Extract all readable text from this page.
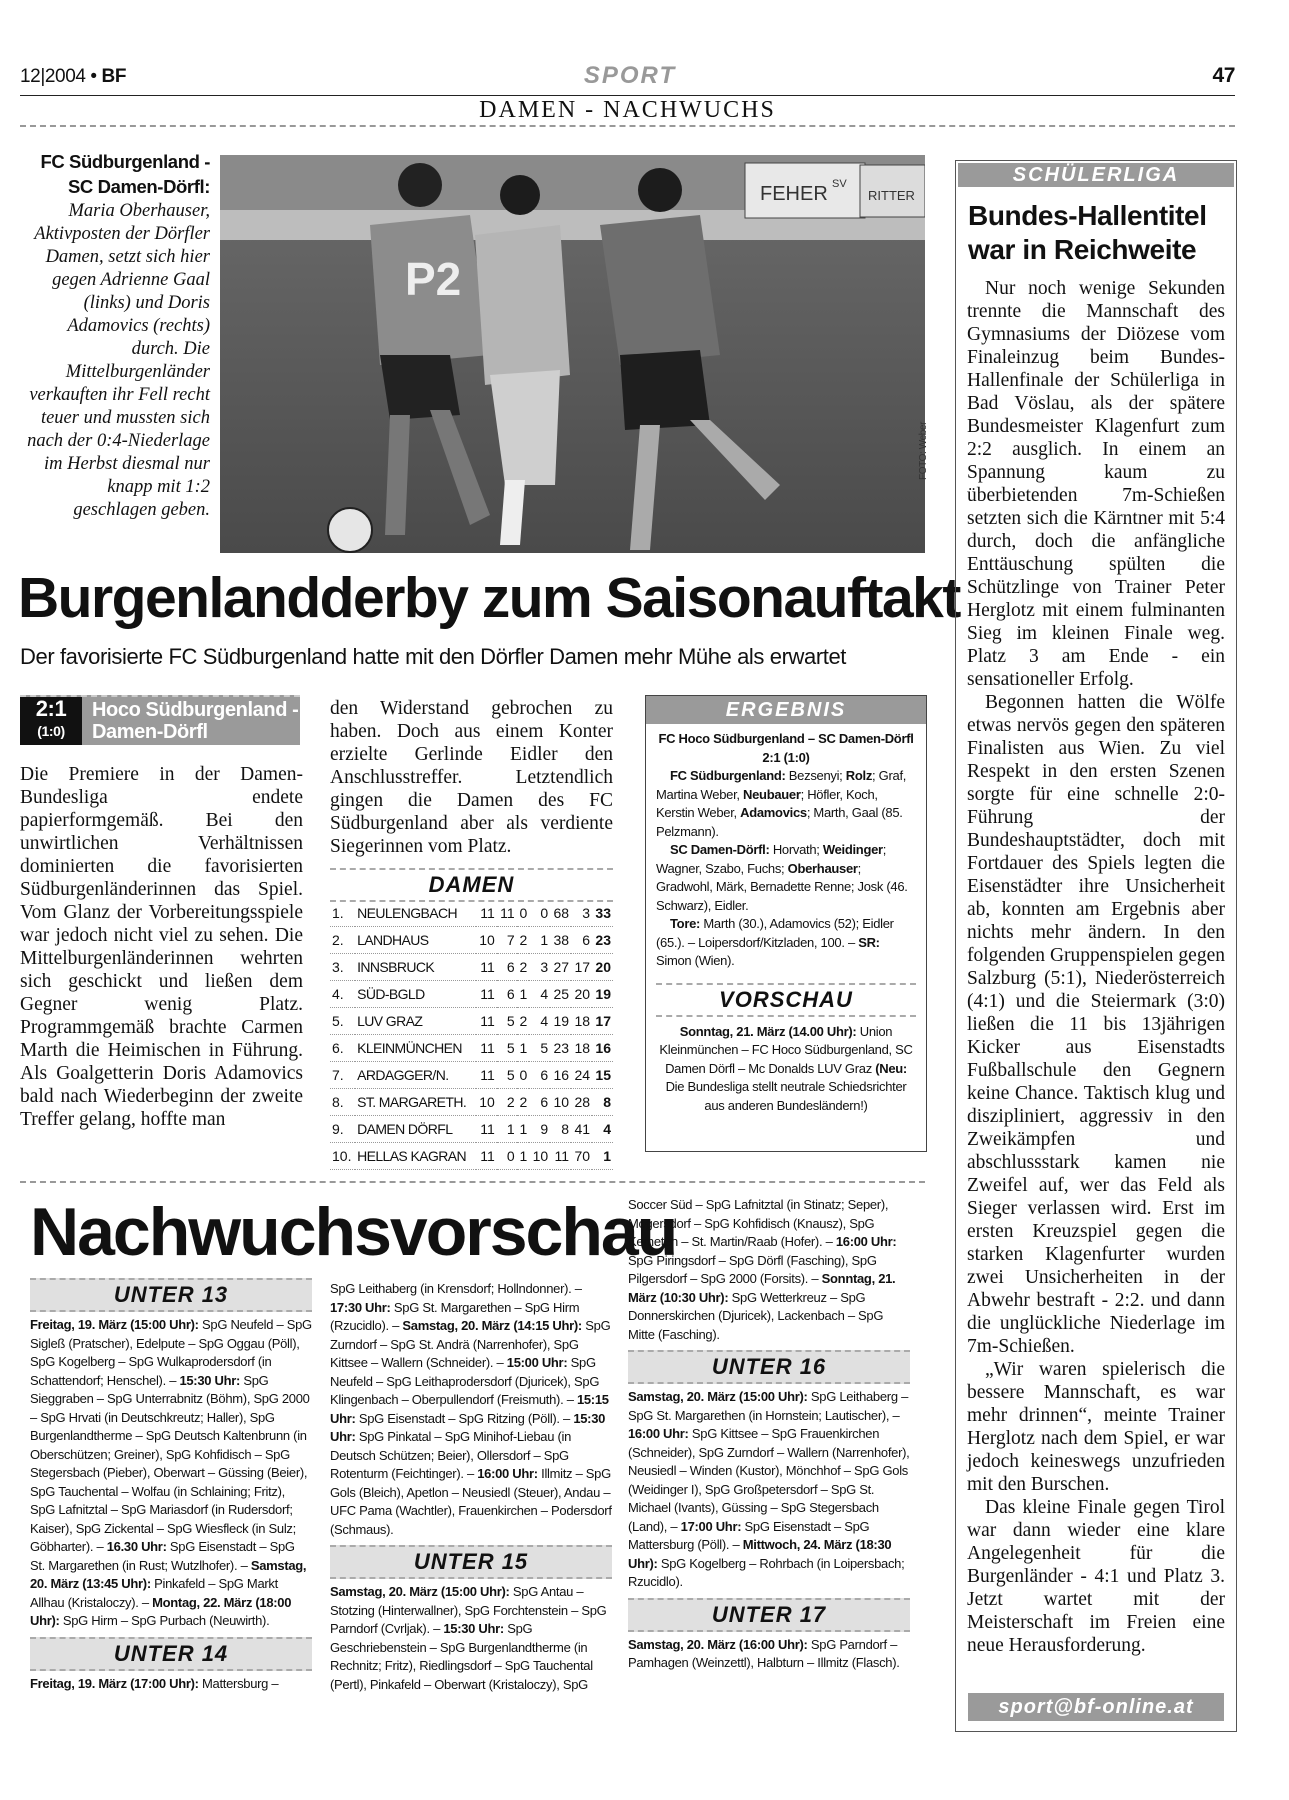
12|2004 • BF	SPORT	47
DAMEN - NACHWUCHS
FC Südburgenland - SC Damen-Dörfl: Maria Oberhauser, Aktivposten der Dörfler Damen, setzt sich hier gegen Adrienne Gaal (links) und Doris Adamovics (rechts) durch. Die Mittelburgenländer verkauften ihr Fell recht teuer und mussten sich nach der 0:4-Niederlage im Herbst diesmal nur knapp mit 1:2 geschlagen geben.
FEHER SV
RITTER
P2
FOTO: Weber
Burgenlandderby zum Saisonauftakt
Der favorisierte FC Südburgenland hatte mit den Dörfler Damen mehr Mühe als erwartet
2:1
(1:0)
Hoco Südburgenland -
Damen-Dörfl
Die Premiere in der Damen-Bundesliga endete papierformgemäß. Bei den unwirtlichen Verhältnissen dominierten die favorisierten Südburgenländerinnen das Spiel. Vom Glanz der Vorbereitungsspiele war jedoch nicht viel zu sehen. Die Mittelburgenländerinnen wehrten sich geschickt und ließen dem Gegner wenig Platz. Programmgemäß brachte Carmen Marth die Heimischen in Führung. Als Goalgetterin Doris Adamovics bald nach Wiederbeginn der zweite Treffer gelang, hoffte man
den Widerstand gebrochen zu haben. Doch aus einem Konter erzielte Gerlinde Eidler den Anschlusstreffer. Letztendlich gingen die Damen des FC Südburgenland aber als verdiente Siegerinnen vom Platz.
DAMEN
1.	NEULENGBACH	11	11	0	0	68	3	33
2.	LANDHAUS	10	7	2	1	38	6	23
3.	INNSBRUCK	11	6	2	3	27	17	20
4.	SÜD-BGLD	11	6	1	4	25	20	19
5.	LUV GRAZ	11	5	2	4	19	18	17
6.	KLEINMÜNCHEN	11	5	1	5	23	18	16
7.	ARDAGGER/N.	11	5	0	6	16	24	15
8.	ST. MARGARETH.	10	2	2	6	10	28	8
9.	DAMEN DÖRFL	11	1	1	9	8	41	4
10.	HELLAS KAGRAN	11	0	1	10	11	70	1
ERGEBNIS
FC Hoco Südburgenland – SC Damen-Dörfl 2:1 (1:0)
FC Südburgenland: Bezsenyi; Rolz; Graf, Martina Weber, Neubauer; Höfler, Koch, Kerstin Weber, Adamovics; Marth, Gaal (85. Pelzmann).
SC Damen-Dörfl: Horvath; Weidinger; Wagner, Szabo, Fuchs; Oberhauser; Gradwohl, Märk, Bernadette Renne; Josk (46. Schwarz), Eidler.
Tore: Marth (30.), Adamovics (52); Eidler (65.). – Loipersdorf/Kitzladen, 100. – SR: Simon (Wien).
VORSCHAU
Sonntag, 21. März (14.00 Uhr): Union Kleinmünchen – FC Hoco Südburgenland, SC Damen Dörfl – Mc Donalds LUV Graz (Neu: Die Bundesliga stellt neutrale Schiedsrichter aus anderen Bundesländern!)
SCHÜLERLIGA
Bundes-Hallentitel war in Reichweite
Nur noch wenige Sekunden trennte die Mannschaft des Gymnasiums der Diözese vom Finaleinzug beim Bundes-Hallenfinale der Schülerliga in Bad Vöslau, als der spätere Bundesmeister Klagenfurt zum 2:2 ausglich. In einem an Spannung kaum zu überbietenden 7m-Schießen setzten sich die Kärntner mit 5:4 durch, doch die anfängliche Enttäuschung spülten die Schützlinge von Trainer Peter Herglotz mit einem fulminanten Sieg im kleinen Finale weg. Platz 3 am Ende - ein sensationeller Erfolg.
Begonnen hatten die Wölfe etwas nervös gegen den späteren Finalisten aus Wien. Zu viel Respekt in den ersten Szenen sorgte für eine schnelle 2:0-Führung der Bundeshauptstädter, doch mit Fortdauer des Spiels legten die Eisenstädter ihre Unsicherheit ab, konnten am Ergebnis aber nichts mehr ändern. In den folgenden Gruppenspielen gegen Salzburg (5:1), Niederösterreich (4:1) und die Steiermark (3:0) ließen die 11 bis 13jährigen Kicker aus Eisenstadts Fußballschule den Gegnern keine Chance. Taktisch klug und diszipliniert, aggressiv in den Zweikämpfen und abschlussstark kamen nie Zweifel auf, wer das Feld als Sieger verlassen wird. Erst im ersten Kreuzspiel gegen die starken Klagenfurter wurden zwei Unsicherheiten in der Abwehr bestraft - 2:2. und dann die unglückliche Niederlage im 7m-Schießen.
„Wir waren spielerisch die bessere Mannschaft, es war mehr drinnen“, meinte Trainer Herglotz nach dem Spiel, er war jedoch keineswegs unzufrieden mit den Burschen.
Das kleine Finale gegen Tirol war dann wieder eine klare Angelegenheit für die Burgenländer - 4:1 und Platz 3. Jetzt wartet mit der Meisterschaft im Freien eine neue Herausforderung.
sport@bf-online.at
Nachwuchsvorschau
UNTER 13
Freitag, 19. März (15:00 Uhr): SpG Neufeld – SpG Sigleß (Pratscher), Edelpute – SpG Oggau (Pöll), SpG Kogelberg – SpG Wulkaprodersdorf (in Schattendorf; Henschel). – 15:30 Uhr: SpG Sieggraben – SpG Unterrabnitz (Böhm), SpG 2000 – SpG Hrvati (in Deutschkreutz; Haller), SpG Burgenlandtherme – SpG Deutsch Kaltenbrunn (in Oberschützen; Greiner), SpG Kohfidisch – SpG Stegersbach (Pieber), Oberwart – Güssing (Beier), SpG Tauchental – Wolfau (in Schlaining; Fritz), SpG Lafnitztal – SpG Mariasdorf (in Rudersdorf; Kaiser), SpG Zickental – SpG Wiesfleck (in Sulz; Göbharter). – 16.30 Uhr: SpG Eisenstadt – SpG St. Margarethen (in Rust; Wutzlhofer). – Samstag, 20. März (13:45 Uhr): Pinkafeld – SpG Markt Allhau (Kristaloczy). – Montag, 22. März (18:00 Uhr): SpG Hirm – SpG Purbach (Neuwirth).
UNTER 14
Freitag, 19. März (17:00 Uhr): Mattersburg –
SpG Leithaberg (in Krensdorf; Hollndonner). – 17:30 Uhr: SpG St. Margarethen – SpG Hirm (Rzucidlo). – Samstag, 20. März (14:15 Uhr): SpG Zurndorf – SpG St. Andrä (Narrenhofer), SpG Kittsee – Wallern (Schneider). – 15:00 Uhr: SpG Neufeld – SpG Leithaprodersdorf (Djuricek), SpG Klingenbach – Oberpullendorf (Freismuth). – 15:15 Uhr: SpG Eisenstadt – SpG Ritzing (Pöll). – 15:30 Uhr: SpG Pinkatal – SpG Minihof-Liebau (in Deutsch Schützen; Beier), Ollersdorf – SpG Rotenturm (Feichtinger). – 16:00 Uhr: Illmitz – SpG Gols (Bleich), Apetlon – Neusiedl (Steuer), Andau – UFC Pama (Wachtler), Frauenkirchen – Podersdorf (Schmaus).
UNTER 15
Samstag, 20. März (15:00 Uhr): SpG Antau – Stotzing (Hinterwallner), SpG Forchtenstein – SpG Parndorf (Cvrljak). – 15:30 Uhr: SpG Geschriebenstein – SpG Burgenlandtherme (in Rechnitz; Fritz), Riedlingsdorf – SpG Tauchental (Pertl), Pinkafeld – Oberwart (Kristaloczy), SpG
Soccer Süd – SpG Lafnitztal (in Stinatz; Seper), Mogersdorf – SpG Kohfidisch (Knausz), SpG Kemeten – St. Martin/Raab (Hofer). – 16:00 Uhr: SpG Piringsdorf – SpG Dörfl (Fasching), SpG Pilgersdorf – SpG 2000 (Forsits). – Sonntag, 21. März (10:30 Uhr): SpG Wetterkreuz – SpG Donnerskirchen (Djuricek), Lackenbach – SpG Mitte (Fasching).
UNTER 16
Samstag, 20. März (15:00 Uhr): SpG Leithaberg – SpG St. Margarethen (in Hornstein; Lautischer), – 16:00 Uhr: SpG Kittsee – SpG Frauenkirchen (Schneider), SpG Zurndorf – Wallern (Narrenhofer), Neusiedl – Winden (Kustor), Mönchhof – SpG Gols (Weidinger I), SpG Großpetersdorf – SpG St. Michael (Ivants), Güssing – SpG Stegersbach (Land), – 17:00 Uhr: SpG Eisenstadt – SpG Mattersburg (Pöll). – Mittwoch, 24. März (18:30 Uhr): SpG Kogelberg – Rohrbach (in Loipersbach; Rzucidlo).
UNTER 17
Samstag, 20. März (16:00 Uhr): SpG Parndorf – Pamhagen (Weinzettl), Halbturn – Illmitz (Flasch).
